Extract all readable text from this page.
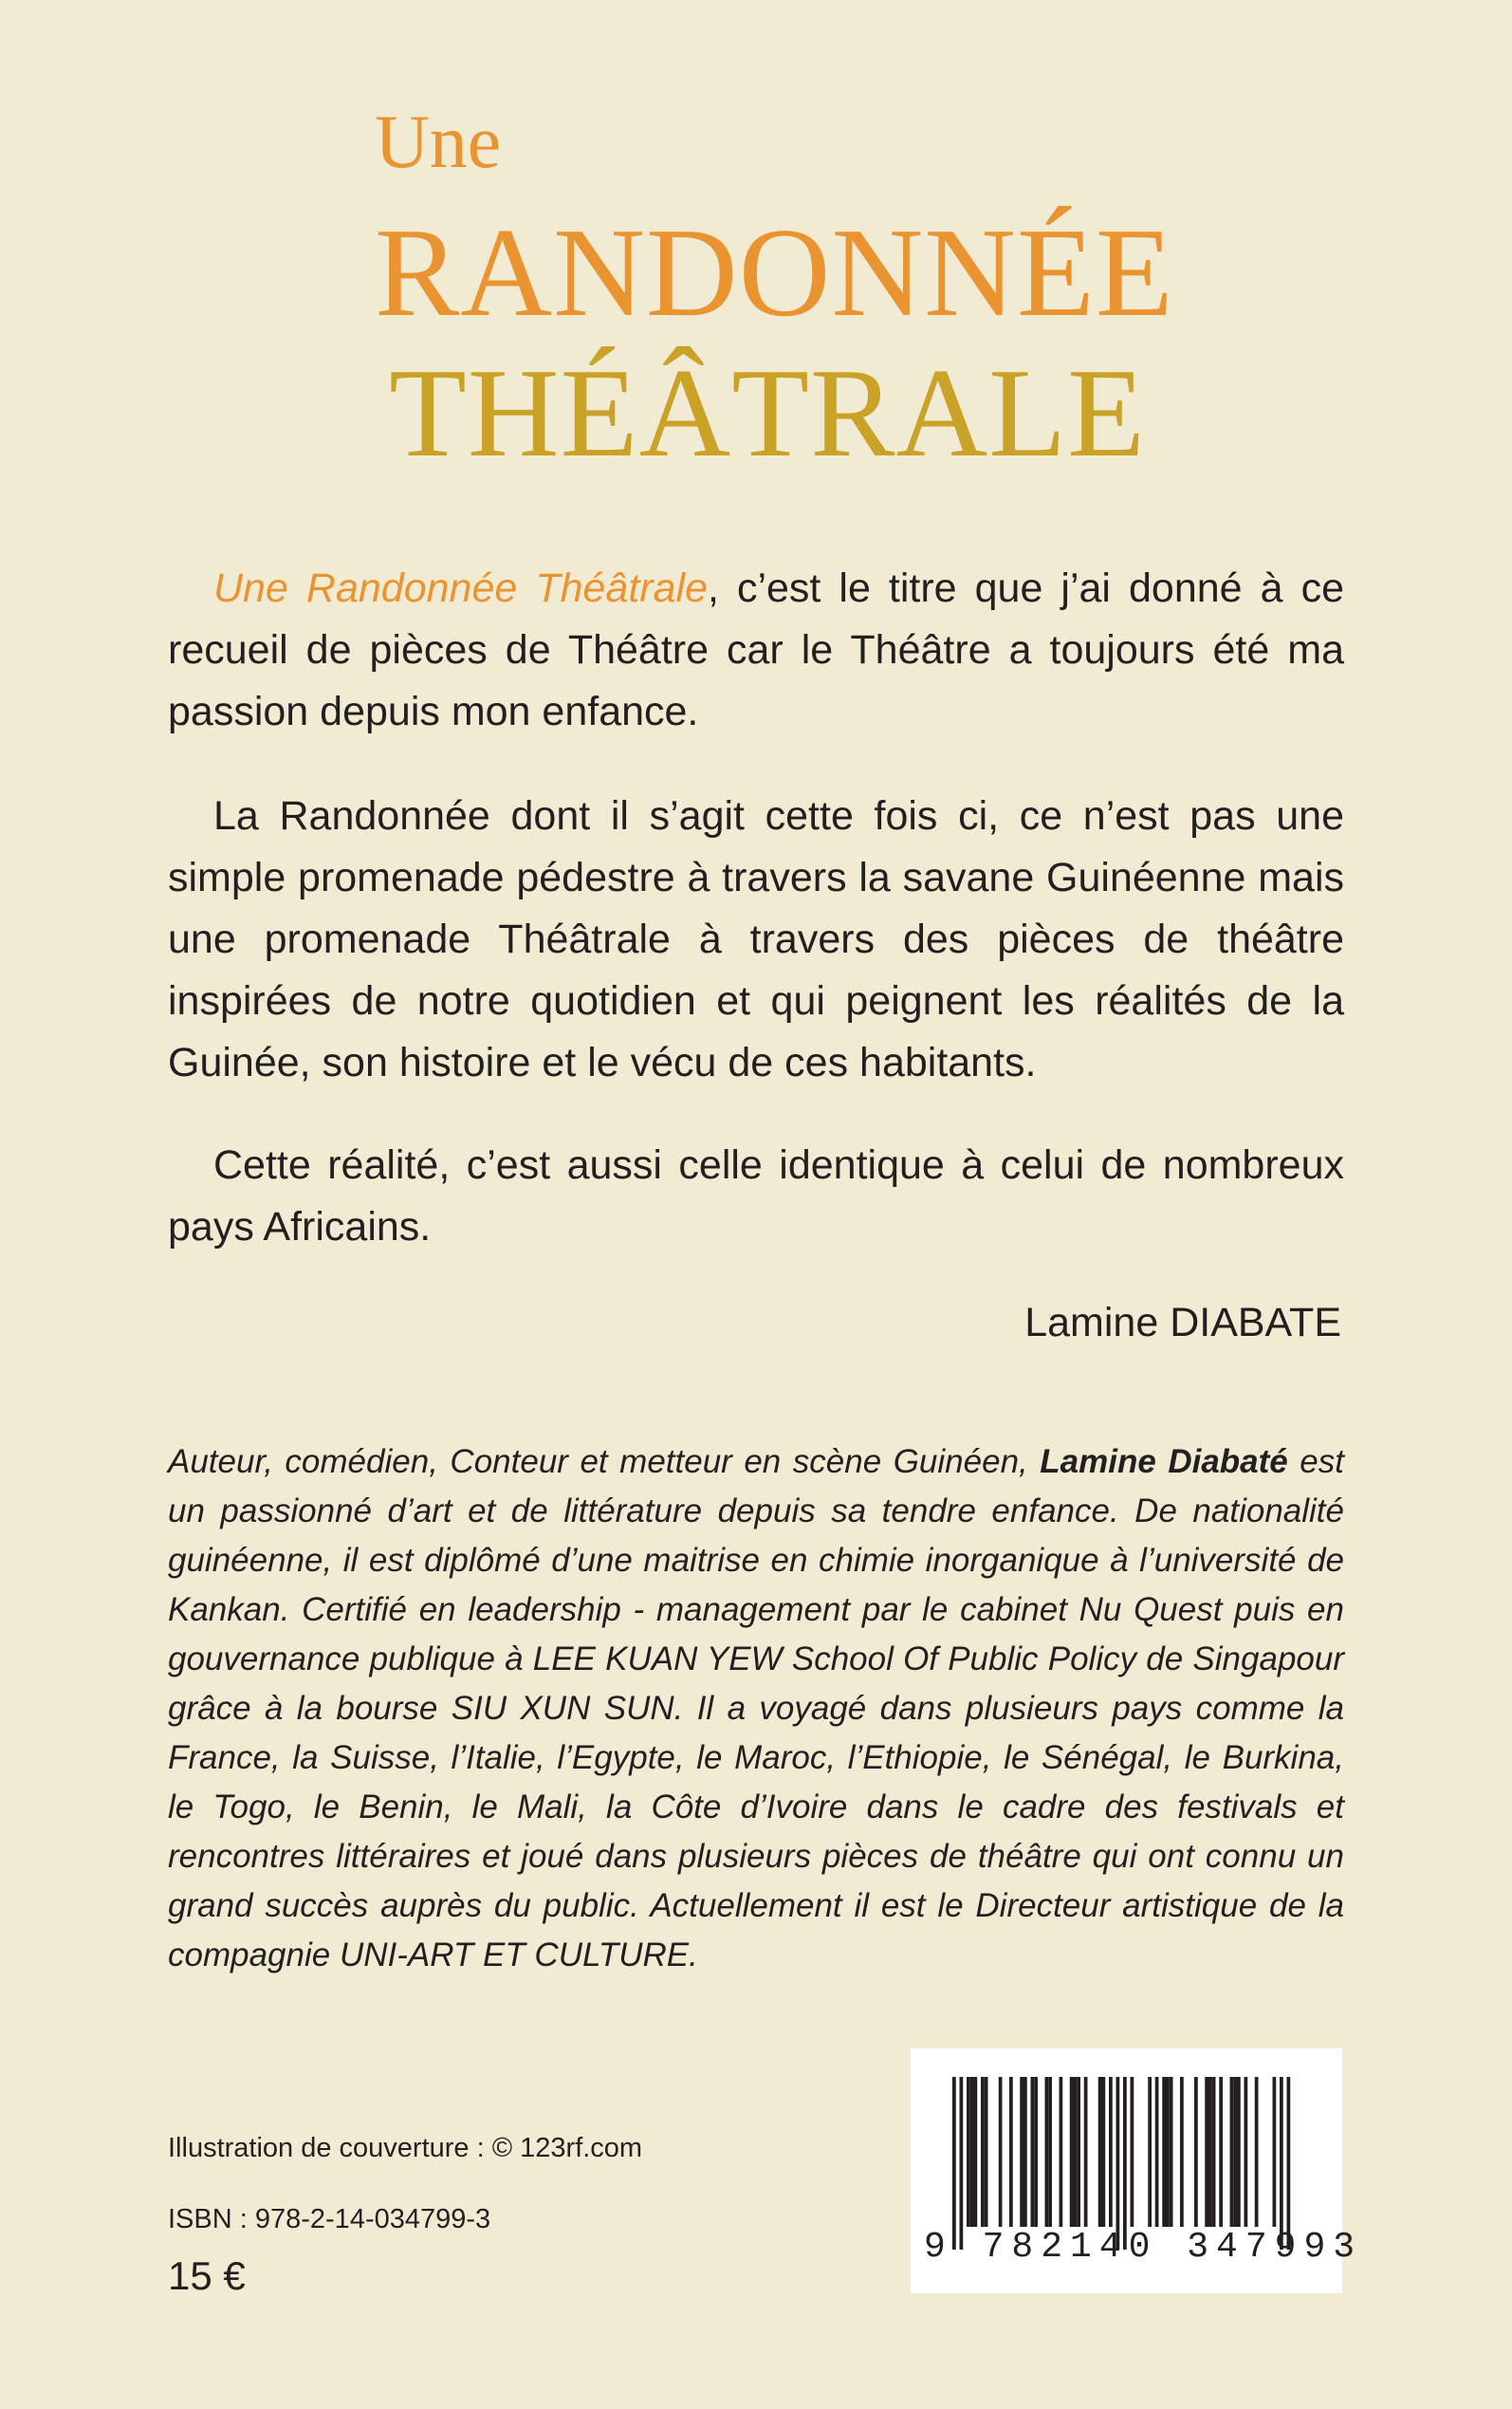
Une
RANDONNÉE
THÉÂTRALE

Une Randonnée Théâtrale, c’est le titre que j’ai donné à ce recueil de pièces de Théâtre car le Théâtre a toujours été ma passion depuis mon enfance.

La Randonnée dont il s’agit cette fois ci, ce n’est pas une simple promenade pédestre à travers la savane Guinéenne mais une promenade Théâtrale à travers des pièces de théâtre inspirées de notre quotidien et qui peignent les réalités de la Guinée, son histoire et le vécu de ces habitants.

Cette réalité, c’est aussi celle identique à celui de nombreux pays Africains.

Lamine DIABATE

Auteur, comédien, Conteur et metteur en scène Guinéen, Lamine Diabaté est un passionné d’art et de littérature depuis sa tendre enfance. De nationalité guinéenne, il est diplômé d’une maitrise en chimie inorganique à l’université de Kankan. Certifié en leadership - management par le cabinet Nu Quest puis en gouvernance publique à LEE KUAN YEW School Of Public Policy de Singapour grâce à la bourse SIU XUN SUN. Il a voyagé dans plusieurs pays comme la France, la Suisse, l’Italie, l’Egypte, le Maroc, l’Ethiopie, le Sénégal, le Burkina, le Togo, le Benin, le Mali, la Côte d’Ivoire dans le cadre des festivals et rencontres littéraires et joué dans plusieurs pièces de théâtre qui ont connu un grand succès auprès du public. Actuellement il est le Directeur artistique de la compagnie UNI-ART ET CULTURE.

Illustration de couverture : © 123rf.com
ISBN : 978-2-14-034799-3
15 €
9 782140 347993
